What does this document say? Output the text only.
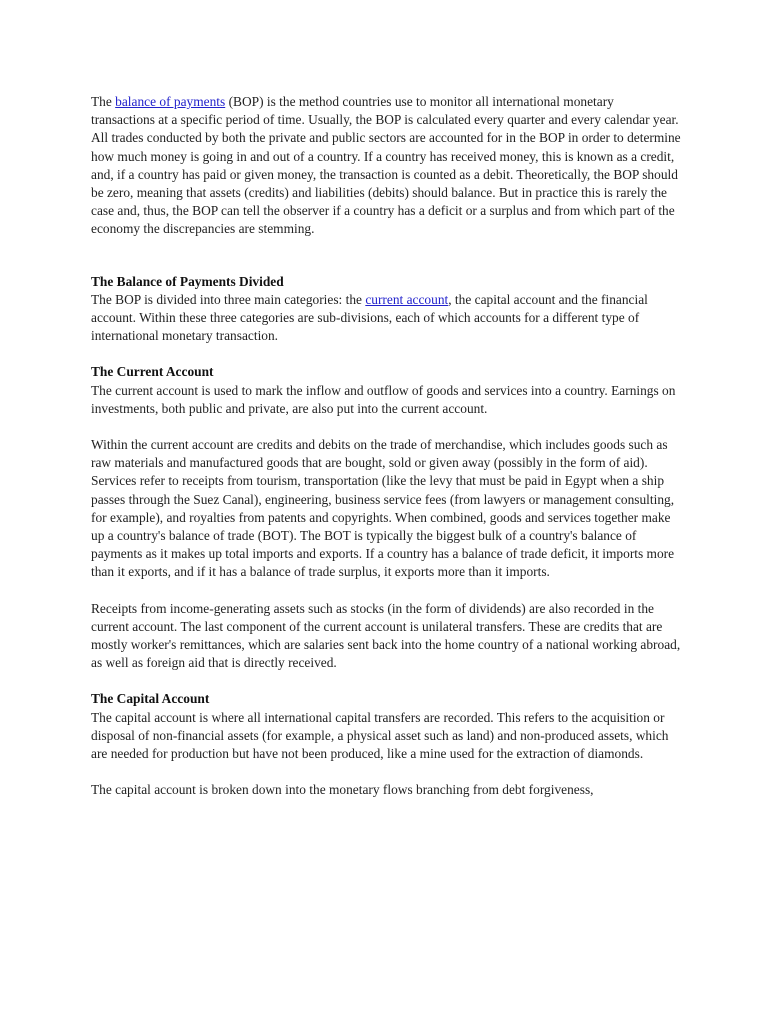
The balance of payments (BOP) is the method countries use to monitor all international monetary transactions at a specific period of time. Usually, the BOP is calculated every quarter and every calendar year. All trades conducted by both the private and public sectors are accounted for in the BOP in order to determine how much money is going in and out of a country. If a country has received money, this is known as a credit, and, if a country has paid or given money, the transaction is counted as a debit. Theoretically, the BOP should be zero, meaning that assets (credits) and liabilities (debits) should balance. But in practice this is rarely the case and, thus, the BOP can tell the observer if a country has a deficit or a surplus and from which part of the economy the discrepancies are stemming.

The Balance of Payments Divided

The BOP is divided into three main categories: the current account, the capital account and the financial account. Within these three categories are sub-divisions, each of which accounts for a different type of international monetary transaction.

The Current Account

The current account is used to mark the inflow and outflow of goods and services into a country. Earnings on investments, both public and private, are also put into the current account.

Within the current account are credits and debits on the trade of merchandise, which includes goods such as raw materials and manufactured goods that are bought, sold or given away (possibly in the form of aid). Services refer to receipts from tourism, transportation (like the levy that must be paid in Egypt when a ship passes through the Suez Canal), engineering, business service fees (from lawyers or management consulting, for example), and royalties from patents and copyrights. When combined, goods and services together make up a country's balance of trade (BOT). The BOT is typically the biggest bulk of a country's balance of payments as it makes up total imports and exports. If a country has a balance of trade deficit, it imports more than it exports, and if it has a balance of trade surplus, it exports more than it imports.

Receipts from income-generating assets such as stocks (in the form of dividends) are also recorded in the current account. The last component of the current account is unilateral transfers. These are credits that are mostly worker's remittances, which are salaries sent back into the home country of a national working abroad, as well as foreign aid that is directly received.

The Capital Account

The capital account is where all international capital transfers are recorded. This refers to the acquisition or disposal of non-financial assets (for example, a physical asset such as land) and non-produced assets, which are needed for production but have not been produced, like a mine used for the extraction of diamonds.

The capital account is broken down into the monetary flows branching from debt forgiveness,
